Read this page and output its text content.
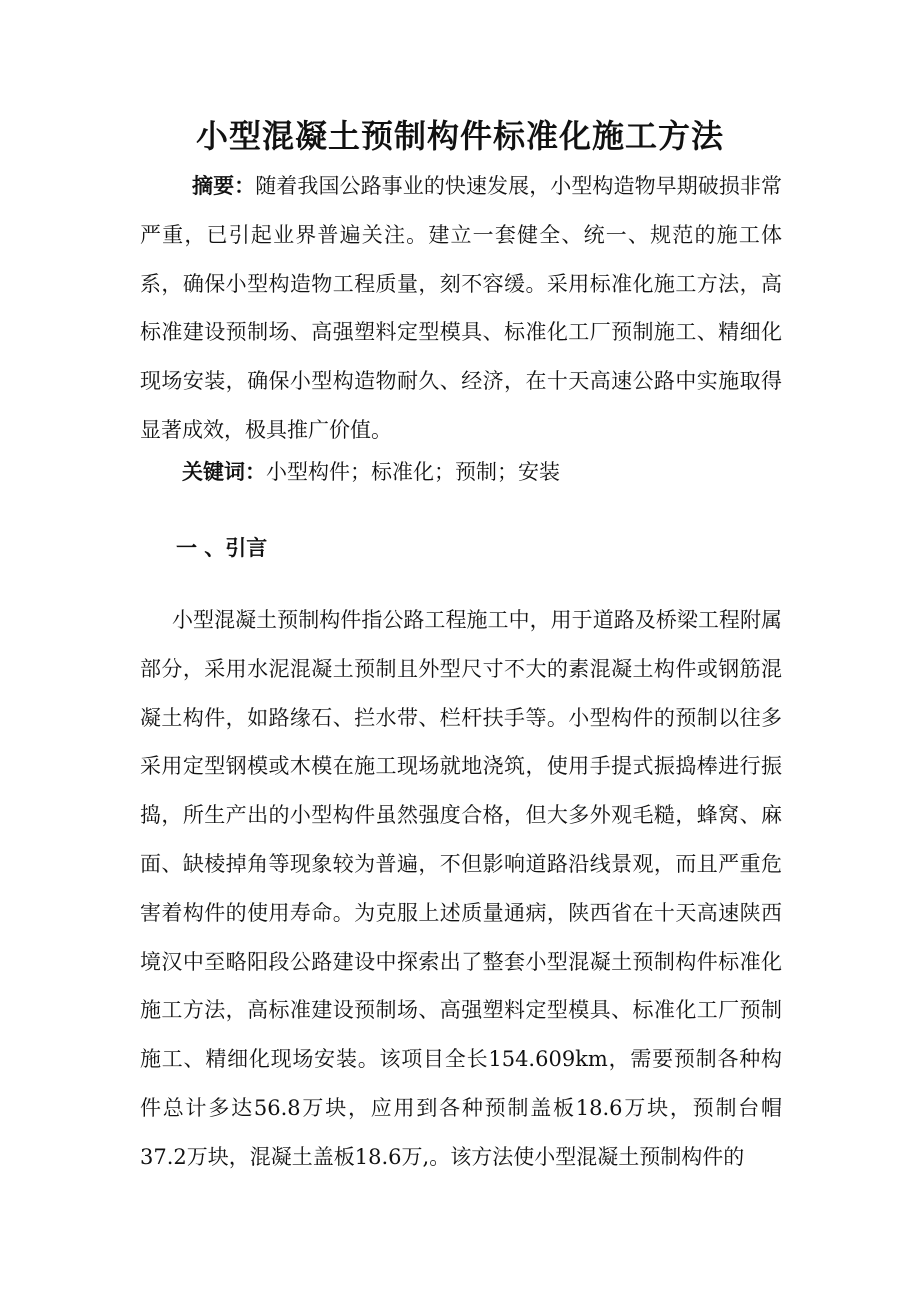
小型混凝土预制构件标准化施工方法

摘要：随着我国公路事业的快速发展，小型构造物早期破损非常严重，已引起业界普遍关注。建立一套健全、统一、规范的施工体系，确保小型构造物工程质量，刻不容缓。采用标准化施工方法，高标准建设预制场、高强塑料定型模具、标准化工厂预制施工、精细化现场安装，确保小型构造物耐久、经济，在十天高速公路中实施取得显著成效，极具推广价值。

关键词：小型构件；标准化；预制；安装

一 、引言

小型混凝土预制构件指公路工程施工中，用于道路及桥梁工程附属部分，采用水泥混凝土预制且外型尺寸不大的素混凝土构件或钢筋混凝土构件，如路缘石、拦水带、栏杆扶手等。小型构件的预制以往多采用定型钢模或木模在施工现场就地浇筑，使用手提式振捣棒进行振捣，所生产出的小型构件虽然强度合格，但大多外观毛糙，蜂窝、麻面、缺棱掉角等现象较为普遍，不但影响道路沿线景观，而且严重危害着构件的使用寿命。为克服上述质量通病，陕西省在十天高速陕西境汉中至略阳段公路建设中探索出了整套小型混凝土预制构件标准化施工方法，高标准建设预制场、高强塑料定型模具、标准化工厂预制施工、精细化现场安装。该项目全长154.609km，需要预制各种构件总计多达56.8万块，应用到各种预制盖板18.6万块，预制台帽37.2万块，混凝土盖板18.6万,。该方法使小型混凝土预制构件的
